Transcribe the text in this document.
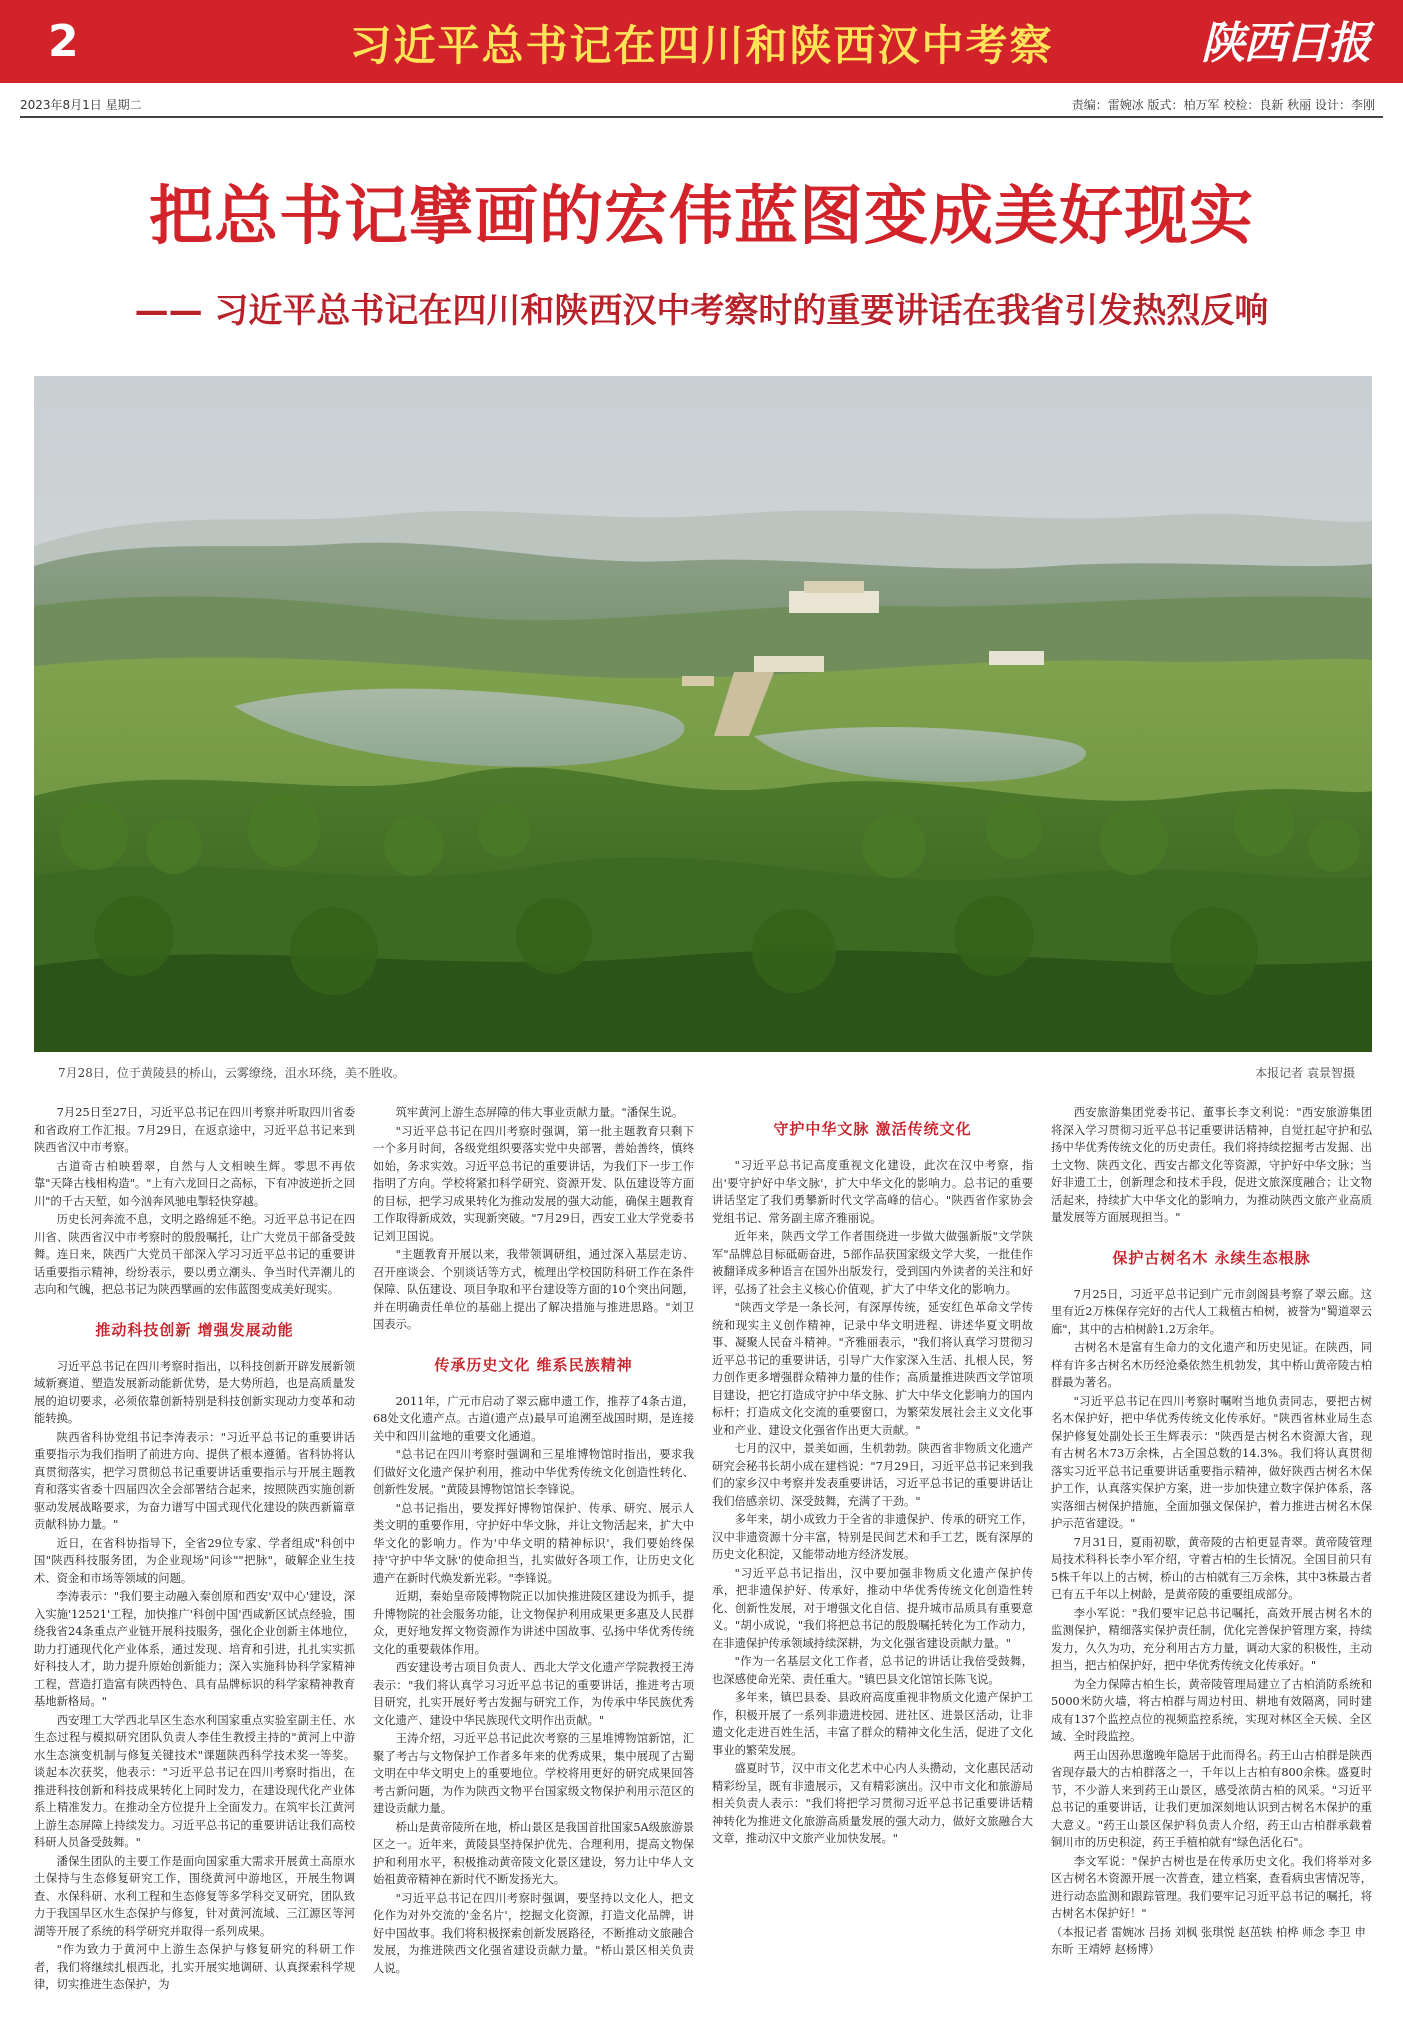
2	习近平总书记在四川和陕西汉中考察	陕西日报
2023年8月1日 星期二	责编：雷婉冰 版式：柏万军 校检：良新 秋丽 设计：李刚
把总书记擘画的宏伟蓝图变成美好现实
—— 习近平总书记在四川和陕西汉中考察时的重要讲话在我省引发热烈反响
7月28日，位于黄陵县的桥山，云雾缭绕，沮水环绕，美不胜收。	本报记者 袁景智摄

7月25日至27日，习近平总书记在四川考察并听取四川省委和省政府工作汇报。7月29日，在返京途中，习近平总书记来到陕西省汉中市考察。

古道奇古柏映碧翠，自然与人文相映生辉。零思不再依靠"天降古栈相构造"。"上有六龙回日之高标，下有冲波逆折之回川"的千古天堑，如今汹奔风驰电掣轻快穿越。

历史长河奔流不息，文明之路绵延不绝。习近平总书记在四川省、陕西省汉中市考察时的殷殷嘱托，让广大党员干部备受鼓舞。连日来，陕西广大党员干部深入学习习近平总书记的重要讲话重要指示精神，纷纷表示，要以勇立潮头、争当时代弄潮儿的志向和气魄，把总书记为陕西擘画的宏伟蓝图变成美好现实。

推动科技创新 增强发展动能

习近平总书记在四川考察时指出，以科技创新开辟发展新领域新赛道、塑造发展新动能新优势，是大势所趋，也是高质量发展的迫切要求，必须依靠创新特别是科技创新实现动力变革和动能转换。

陕西省科协党组书记李涛表示："习近平总书记的重要讲话重要指示为我们指明了前进方向、提供了根本遵循。省科协将认真贯彻落实，把学习贯彻总书记重要讲话重要指示与开展主题教育和落实省委十四届四次全会部署结合起来，按照陕西实施创新驱动发展战略要求，为奋力谱写中国式现代化建设的陕西新篇章贡献科协力量。"

近日，在省科协指导下，全省29位专家、学者组成"科创中国"陕西科技服务团，为企业现场"问诊""把脉"，破解企业生技术、资金和市场等领域的问题。

李涛表示："我们要主动融入秦创原和西安'双中心'建设，深入实施'12521'工程，加快推广'科创中国'西咸新区试点经验，围绕我省24条重点产业链开展科技服务，强化企业创新主体地位，助力打通现代化产业体系，通过发现、培育和引进，扎扎实实抓好科技人才，助力提升原始创新能力；深入实施科协科学家精神工程，营造打造富有陕西特色、具有品牌标识的科学家精神教育基地新格局。"

西安理工大学西北旱区生态水利国家重点实验室副主任、水生态过程与模拟研究团队负责人李佳生教授主持的"黄河上中游水生态演变机制与修复关键技术"课题陕西科学技术奖一等奖。谈起本次获奖，他表示："习近平总书记在四川考察时指出，在推进科技创新和科技成果转化上同时发力，在建设现代化产业体系上精准发力。在推动全方位提升上全面发力。在筑牢长江黄河上游生态屏障上持续发力。习近平总书记的重要讲话让我们高校科研人员备受鼓舞。"

潘保生团队的主要工作是面向国家重大需求开展黄土高原水土保持与生态修复研究工作，围绕黄河中游地区，开展生物调查、水保科研、水利工程和生态修复等多学科交叉研究，团队致力于我国旱区水生态保护与修复，针对黄河流域、三江源区等河湖等开展了系统的科学研究并取得一系列成果。

"作为致力于黄河中上游生态保护与修复研究的科研工作者，我们将继续扎根西北，扎实开展实地调研、认真探索科学规律，切实推进生态保护，为

筑牢黄河上游生态屏障的伟大事业贡献力量。"潘保生说。

"习近平总书记在四川考察时强调，第一批主题教育只剩下一个多月时间，各级党组织要落实党中央部署，善始善终，慎终如始，务求实效。习近平总书记的重要讲话，为我们下一步工作指明了方向。学校将紧扣科学研究、资源开发、队伍建设等方面的目标，把学习成果转化为推动发展的强大动能，确保主题教育工作取得新成效，实现新突破。"7月29日，西安工业大学党委书记刘卫国说。

"主题教育开展以来，我带领调研组，通过深入基层走访、召开座谈会、个别谈话等方式，梳理出学校国防科研工作在条件保障、队伍建设、项目争取和平台建设等方面的10个突出问题，并在明确责任单位的基础上提出了解决措施与推进思路。"刘卫国表示。

传承历史文化 维系民族精神

2011年，广元市启动了翠云廊申遗工作，推荐了4条古道，68处文化遗产点。古道(遗产点)最早可追溯至战国时期，是连接关中和四川盆地的重要文化通道。

"总书记在四川考察时强调和三星堆博物馆时指出，要求我们做好文化遗产保护利用，推动中华优秀传统文化创造性转化、创新性发展。"黄陵县博物馆馆长李锋说。

"总书记指出，要发挥好博物馆保护、传承、研究、展示人类文明的重要作用，守护好中华文脉，并让文物活起来，扩大中华文化的影响力。作为'中华文明的精神标识'，我们要始终保持'守护中华文脉'的使命担当，扎实做好各项工作，让历史文化遗产在新时代焕发新光彩。"李锋说。

近期，秦始皇帝陵博物院正以加快推进陵区建设为抓手，提升博物院的社会服务功能，让文物保护利用成果更多惠及人民群众，更好地发挥文物资源作为讲述中国故事、弘扬中华优秀传统文化的重要载体作用。

西安建设考古项目负责人、西北大学文化遗产学院教授王涛表示："我们将认真学习习近平总书记的重要讲话，推进考古项目研究，扎实开展好考古发掘与研究工作，为传承中华民族优秀文化遗产、建设中华民族现代文明作出贡献。"

王涛介绍，习近平总书记此次考察的三星堆博物馆新馆，汇聚了考古与文物保护工作者多年来的优秀成果，集中展现了古蜀文明在中华文明史上的重要地位。学校将用更好的研究成果回答考古新问题，为作为陕西文物平台国家级文物保护利用示范区的建设贡献力量。

桥山是黄帝陵所在地，桥山景区是我国首批国家5A级旅游景区之一。近年来，黄陵县坚持保护优先、合理利用，提高文物保护和利用水平，积极推动黄帝陵文化景区建设，努力让中华人文始祖黄帝精神在新时代不断发扬光大。

"习近平总书记在四川考察时强调，要坚持以文化人，把文化作为对外交流的'金名片'，挖掘文化资源，打造文化品牌，讲好中国故事。我们将积极探索创新发展路径，不断推动文旅融合发展，为推进陕西文化强省建设贡献力量。"桥山景区相关负责人说。

守护中华文脉 激活传统文化

"习近平总书记高度重视文化建设，此次在汉中考察，指出'要守护好中华文脉'，扩大中华文化的影响力。总书记的重要讲话坚定了我们勇攀新时代文学高峰的信心。"陕西省作家协会党组书记、常务副主席齐雅丽说。

近年来，陕西文学工作者围绕进一步做大做强新版"文学陕军"品牌总目标砥砺奋进，5部作品获国家级文学大奖，一批佳作被翻译成多种语言在国外出版发行，受到国内外读者的关注和好评，弘扬了社会主义核心价值观，扩大了中华文化的影响力。

"陕西文学是一条长河，有深厚传统，延安红色革命文学传统和现实主义创作精神，记录中华文明进程、讲述华夏文明故事、凝聚人民奋斗精神。"齐雅丽表示，"我们将认真学习贯彻习近平总书记的重要讲话，引导广大作家深入生活、扎根人民，努力创作更多增强群众精神力量的佳作；高质量推进陕西文学馆项目建设，把它打造成守护中华文脉、扩大中华文化影响力的国内标杆；打造成文化交流的重要窗口，为繁荣发展社会主义文化事业和产业、建设文化强省作出更大贡献。"

七月的汉中，景美如画，生机勃勃。陕西省非物质文化遗产研究会秘书长胡小成在建档说："7月29日，习近平总书记来到我们的家乡汉中考察并发表重要讲话，习近平总书记的重要讲话让我们倍感亲切、深受鼓舞，充满了干劲。"

多年来，胡小成致力于全省的非遗保护、传承的研究工作，汉中非遗资源十分丰富，特别是民间艺术和手工艺，既有深厚的历史文化积淀，又能带动地方经济发展。

"习近平总书记指出，汉中要加强非物质文化遗产保护传承，把非遗保护好、传承好，推动中华优秀传统文化创造性转化、创新性发展，对于增强文化自信、提升城市品质具有重要意义。"胡小成说，"我们将把总书记的殷殷嘱托转化为工作动力，在非遗保护传承领域持续深耕，为文化强省建设贡献力量。"

"作为一名基层文化工作者，总书记的讲话让我倍受鼓舞，也深感使命光荣、责任重大。"镇巴县文化馆馆长陈飞说。

多年来，镇巴县委、县政府高度重视非物质文化遗产保护工作，积极开展了一系列非遗进校园、进社区、进景区活动，让非遗文化走进百姓生活，丰富了群众的精神文化生活，促进了文化事业的繁荣发展。

盛夏时节，汉中市文化艺术中心内人头攒动，文化惠民活动精彩纷呈，既有非遗展示，又有精彩演出。汉中市文化和旅游局相关负责人表示："我们将把学习贯彻习近平总书记重要讲话精神转化为推进文化旅游高质量发展的强大动力，做好文旅融合大文章，推动汉中文旅产业加快发展。"

西安旅游集团党委书记、董事长李文利说："西安旅游集团将深入学习贯彻习近平总书记重要讲话精神，自觉扛起守护和弘扬中华优秀传统文化的历史责任。我们将持续挖掘考古发掘、出土文物、陕西文化、西安古都文化等资源，守护好中华文脉；当好非遗工士，创新理念和技术手段，促进文旅深度融合；让文物活起来，持续扩大中华文化的影响力，为推动陕西文旅产业高质量发展等方面展现担当。"

保护古树名木 永续生态根脉

7月25日，习近平总书记到广元市剑阁县考察了翠云廊。这里有近2万株保存完好的古代人工栽植古柏树，被誉为"蜀道翠云廊"，其中的古柏树龄1.2万余年。

古树名木是富有生命力的文化遗产和历史见证。在陕西，同样有许多古树名木历经沧桑依然生机勃发，其中桥山黄帝陵古柏群最为著名。

"习近平总书记在四川考察时嘱咐当地负责同志，要把古树名木保护好，把中华优秀传统文化传承好。"陕西省林业局生态保护修复处副处长王生辉表示："陕西是古树名木资源大省，现有古树名木73万余株，占全国总数的14.3%。我们将认真贯彻落实习近平总书记重要讲话重要指示精神，做好陕西古树名木保护工作，认真落实保护方案，进一步加快建立数字保护体系，落实落细古树保护措施，全面加强文保保护，着力推进古树名木保护示范省建设。"

7月31日，夏雨初歇，黄帝陵的古柏更显青翠。黄帝陵管理局技术科科长李小军介绍，守着古柏的生长情况。全国目前只有5株千年以上的古树，桥山的古柏就有三万余株，其中3株最古者已有五千年以上树龄，是黄帝陵的重要组成部分。

李小军说："我们要牢记总书记嘱托，高效开展古树名木的监测保护，精细落实保护责任制，优化完善保护管理方案，持续发力，久久为功，充分利用古方力量，调动大家的积极性，主动担当，把古柏保护好，把中华优秀传统文化传承好。"

为全力保障古柏生长，黄帝陵管理局建立了古柏消防系统和5000米防火墙，将古柏群与周边村田、耕地有效隔离，同时建成有137个监控点位的视频监控系统，实现对林区全天候、全区域、全时段监控。

两王山因孙思邈晚年隐居于此而得名。药王山古柏群是陕西省现存最大的古柏群落之一，千年以上古柏有800余株。盛夏时节，不少游人来到药王山景区，感受浓荫古柏的风采。"习近平总书记的重要讲话，让我们更加深刻地认识到古树名木保护的重大意义。"药王山景区保护科负责人介绍，药王山古柏群承载着铜川市的历史积淀，药王手植柏就有"绿色活化石"。

李文军说："保护古树也是在传承历史文化。我们将举对多区古树名木资源开展一次普查，建立档案，查看病虫害情况等，进行动态监测和跟踪管理。我们要牢记习近平总书记的嘱托，将古树名木保护好！"

（本报记者 雷婉冰 吕扬 刘枫 张琪悦 赵茁轶 柏桦 师念 李卫 申东昕 王靖婷 赵杨博）
